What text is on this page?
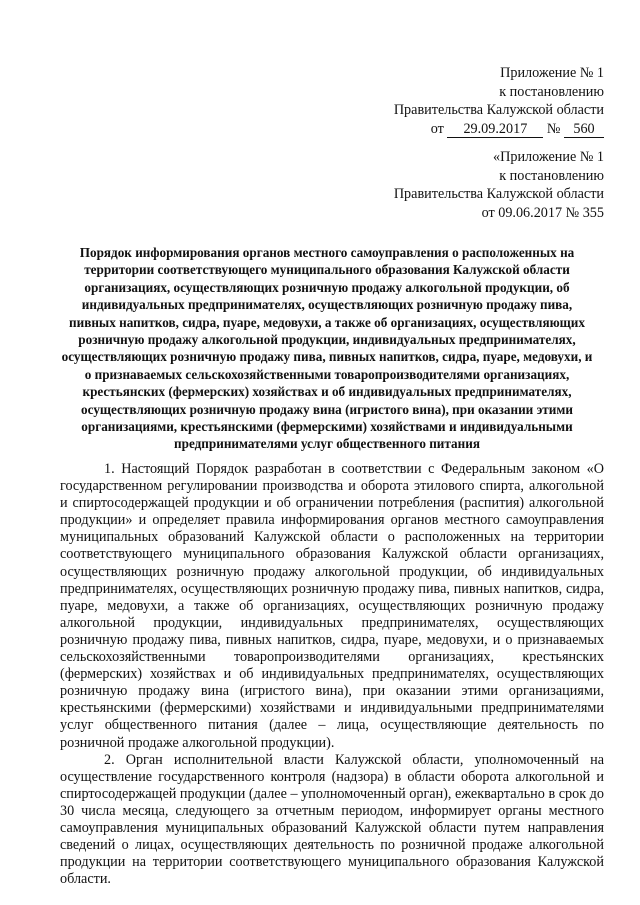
Приложение № 1
к постановлению
Правительства Калужской области
от 29.09.2017 № 560
«Приложение № 1
к постановлению
Правительства Калужской области
от 09.06.2017 № 355
Порядок информирования органов местного самоуправления о расположенных на территории соответствующего муниципального образования Калужской области организациях, осуществляющих розничную продажу алкогольной продукции, об индивидуальных предпринимателях, осуществляющих розничную продажу пива, пивных напитков, сидра, пуаре, медовухи, а также об организациях, осуществляющих розничную продажу алкогольной продукции, индивидуальных предпринимателях, осуществляющих розничную продажу пива, пивных напитков, сидра, пуаре, медовухи, и о признаваемых сельскохозяйственными товаропроизводителями организациях, крестьянских (фермерских) хозяйствах и об индивидуальных предпринимателях, осуществляющих розничную продажу вина (игристого вина), при оказании этими организациями, крестьянскими (фермерскими) хозяйствами и индивидуальными предпринимателями услуг общественного питания

1. Настоящий Порядок разработан в соответствии с Федеральным законом «О государственном регулировании производства и оборота этилового спирта, алкогольной и спиртосодержащей продукции и об ограничении потребления (распития) алкогольной продукции» и определяет правила информирования органов местного самоуправления муниципальных образований Калужской области о расположенных на территории соответствующего муниципального образования Калужской области организациях, осуществляющих розничную продажу алкогольной продукции, об индивидуальных предпринимателях, осуществляющих розничную продажу пива, пивных напитков, сидра, пуаре, медовухи, а также об организациях, осуществляющих розничную продажу алкогольной продукции, индивидуальных предпринимателях, осуществляющих розничную продажу пива, пивных напитков, сидра, пуаре, медовухи, и о признаваемых сельскохозяйственными товаропроизводителями организациях, крестьянских (фермерских) хозяйствах и об индивидуальных предпринимателях, осуществляющих розничную продажу вина (игристого вина), при оказании этими организациями, крестьянскими (фермерскими) хозяйствами и индивидуальными предпринимателями услуг общественного питания (далее – лица, осуществляющие деятельность по розничной продаже алкогольной продукции).

2. Орган исполнительной власти Калужской области, уполномоченный на осуществление государственного контроля (надзора) в области оборота алкогольной и спиртосодержащей продукции (далее – уполномоченный орган), ежеквартально в срок до 30 числа месяца, следующего за отчетным периодом, информирует органы местного самоуправления муниципальных образований Калужской области путем направления сведений о лицах, осуществляющих деятельность по розничной продаже алкогольной продукции на территории соответствующего муниципального образования Калужской области.
